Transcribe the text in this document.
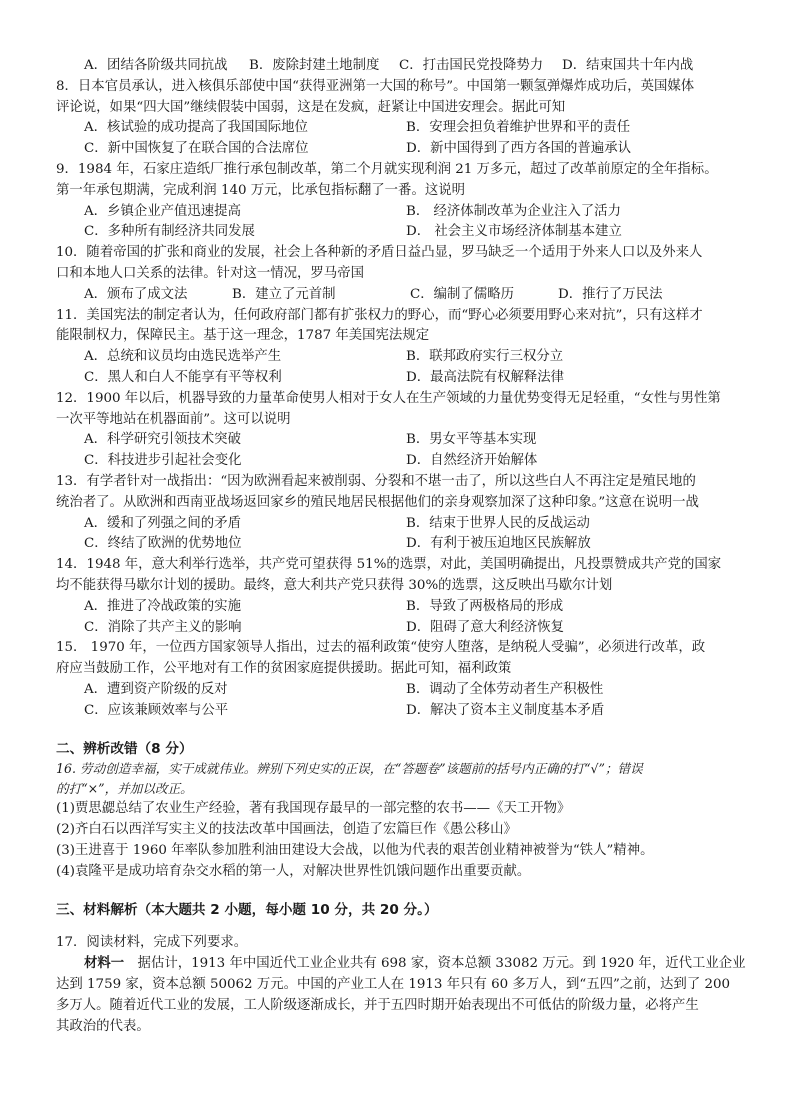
A．团结各阶级共同抗战	B．废除封建土地制度	C．打击国民党投降势力	D．结束国共十年内战
8．日本官员承认，进入核俱乐部使中国“获得亚洲第一大国的称号”。中国第一颗氢弹爆炸成功后，英国媒体
评论说，如果“四大国”继续假装中国弱，这是在发疯，赶紧让中国进安理会。据此可知
A．核试验的成功提高了我国国际地位	B．安理会担负着维护世界和平的责任
C．新中国恢复了在联合国的合法席位	D．新中国得到了西方各国的普遍承认
9．1984 年，石家庄造纸厂推行承包制改革，第二个月就实现利润 21 万多元，超过了改革前原定的全年指标。
第一年承包期满，完成利润 140 万元，比承包指标翻了一番。这说明
A．乡镇企业产值迅速提高	B． 经济体制改革为企业注入了活力
C．多种所有制经济共同发展	D． 社会主义市场经济体制基本建立
10．随着帝国的扩张和商业的发展，社会上各种新的矛盾日益凸显，罗马缺乏一个适用于外来人口以及外来人
口和本地人口关系的法律。针对这一情况，罗马帝国
A．颁布了成文法	B．建立了元首制	C．编制了儒略历	D．推行了万民法
11．美国宪法的制定者认为，任何政府部门都有扩张权力的野心，而“野心必须要用野心来对抗”，只有这样才
能限制权力，保障民主。基于这一理念，1787 年美国宪法规定
A．总统和议员均由选民选举产生	B．联邦政府实行三权分立
C．黑人和白人不能享有平等权利	D．最高法院有权解释法律
12．1900 年以后，机器导致的力量革命使男人相对于女人在生产领域的力量优势变得无足轻重，“女性与男性第
一次平等地站在机器面前”。这可以说明
A．科学研究引领技术突破	B．男女平等基本实现
C．科技进步引起社会变化	D．自然经济开始解体
13．有学者针对一战指出：“因为欧洲看起来被削弱、分裂和不堪一击了，所以这些白人不再注定是殖民地的
统治者了。从欧洲和西南亚战场返回家乡的殖民地居民根据他们的亲身观察加深了这种印象。”这意在说明一战
A．缓和了列强之间的矛盾	B．结束于世界人民的反战运动
C．终结了欧洲的优势地位	D．有利于被压迫地区民族解放
14．1948 年，意大利举行选举，共产党可望获得 51%的选票，对此，美国明确提出，凡投票赞成共产党的国家
均不能获得马歇尔计划的援助。最终，意大利共产党只获得 30%的选票，这反映出马歇尔计划
A．推进了冷战政策的实施	B．导致了两极格局的形成
C．消除了共产主义的影响	D．阻碍了意大利经济恢复
15． 1970 年，一位西方国家领导人指出，过去的福利政策“使穷人堕落，是纳税人受骗”，必须进行改革，政
府应当鼓励工作，公平地对有工作的贫困家庭提供援助。据此可知，福利政策
A．遭到资产阶级的反对	B．调动了全体劳动者生产积极性
C．应该兼顾效率与公平	D．解决了资本主义制度基本矛盾
二、辨析改错（8 分）
16. 劳动创造幸福，实干成就伟业。辨别下列史实的正误，在“答题卷”该题前的括号内正确的打“√”；错误
的打“×”，并加以改正。
(1)贾思勰总结了农业生产经验，著有我国现存最早的一部完整的农书——《天工开物》
(2)齐白石以西洋写实主义的技法改革中国画法，创造了宏篇巨作《愚公移山》
(3)王进喜于 1960 年率队参加胜利油田建设大会战，以他为代表的艰苦创业精神被誉为“铁人”精神。
(4)袁隆平是成功培育杂交水稻的第一人，对解决世界性饥饿问题作出重要贡献。
三、材料解析（本大题共 2 小题，每小题 10 分，共 20 分。）
17．阅读材料，完成下列要求。
材料一　据估计，1913 年中国近代工业企业共有 698 家，资本总额 33082 万元。到 1920 年，近代工业企业
达到 1759 家，资本总额 50062 万元。中国的产业工人在 1913 年只有 60 多万人，到“五四”之前，达到了 200
多万人。随着近代工业的发展，工人阶级逐渐成长，并于五四时期开始表现出不可低估的阶级力量，必将产生
其政治的代表。
